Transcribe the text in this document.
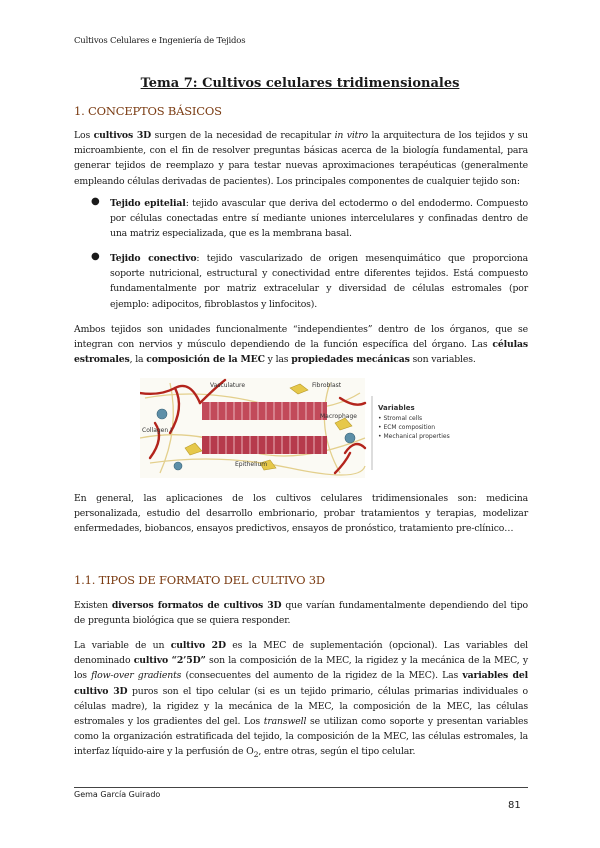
Cultivos Celulares e Ingeniería de Tejidos
Tema 7: Cultivos celulares tridimensionales
1. CONCEPTOS BÁSICOS
Los cultivos 3D surgen de la necesidad de recapitular in vitro la arquitectura de los tejidos y su microambiente, con el fin de resolver preguntas básicas acerca de la biología fundamental, para generar tejidos de reemplazo y para testar nuevas aproximaciones terapéuticas (generalmente empleando células derivadas de pacientes). Los principales componentes de cualquier tejido son:
● Tejido epitelial: tejido avascular que deriva del ectodermo o del endodermo. Compuesto por células conectadas entre sí mediante uniones intercelulares y confinadas dentro de una matriz especializada, que es la membrana basal.
● Tejido conectivo: tejido vascularizado de origen mesenquimático que proporciona soporte nutricional, estructural y conectividad entre diferentes tejidos. Está compuesto fundamentalmente por matriz extracelular y diversidad de células estromales (por ejemplo: adipocitos, fibroblastos y linfocitos).
Ambos tejidos son unidades funcionalmente “independientes” dentro de los órganos, que se integran con nervios y músculo dependiendo de la función específica del órgano. Las células estromales, la composición de la MEC y las propiedades mecánicas son variables.
Vasculature	Fibroblast
Collagen I
Macrophage
Epithelium
Variables
• Stromal cells
• ECM composition
• Mechanical properties
En general, las aplicaciones de los cultivos celulares tridimensionales son: medicina personalizada, estudio del desarrollo embrionario, probar tratamientos y terapias, modelizar enfermedades, biobancos, ensayos predictivos, ensayos de pronóstico, tratamiento pre-clínico…
1.1. TIPOS DE FORMATO DEL CULTIVO 3D
Existen diversos formatos de cultivos 3D que varían fundamentalmente dependiendo del tipo de pregunta biológica que se quiera responder.
La variable de un cultivo 2D es la MEC de suplementación (opcional). Las variables del denominado cultivo “2’5D” son la composición de la MEC, la rigidez y la mecánica de la MEC, y los flow-over gradients (consecuentes del aumento de la rigidez de la MEC). Las variables del cultivo 3D puros son el tipo celular (si es un tejido primario, células primarias individuales o células madre), la rigidez y la mecánica de la MEC, la composición de la MEC, las células estromales y los gradientes del gel. Los transwell se utilizan como soporte y presentan variables como la organización estratificada del tejido, la composición de la MEC, las células estromales, la interfaz líquido-aire y la perfusión de $O_2$, entre otras, según el tipo celular.
Gema García Guirado
81
